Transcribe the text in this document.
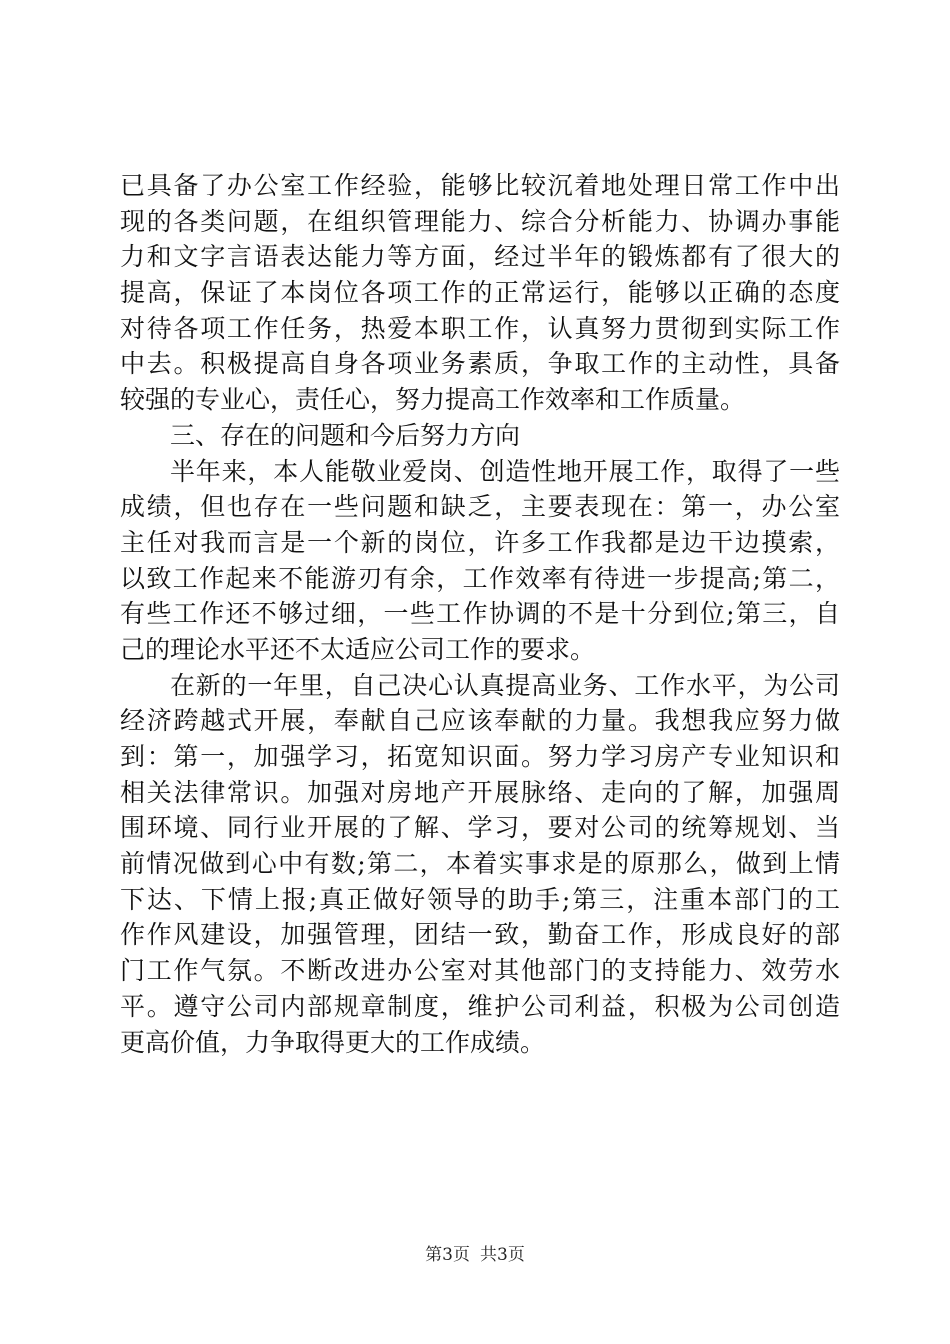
已具备了办公室工作经验，能够比较沉着地处理日常工作中出
现的各类问题，在组织管理能力、综合分析能力、协调办事能
力和文字言语表达能力等方面，经过半年的锻炼都有了很大的
提高，保证了本岗位各项工作的正常运行，能够以正确的态度
对待各项工作任务，热爱本职工作，认真努力贯彻到实际工作
中去。积极提高自身各项业务素质，争取工作的主动性，具备
较强的专业心，责任心，努力提高工作效率和工作质量。
三、存在的问题和今后努力方向
半年来，本人能敬业爱岗、创造性地开展工作，取得了一些
成绩，但也存在一些问题和缺乏，主要表现在：第一，办公室
主任对我而言是一个新的岗位，许多工作我都是边干边摸索，
以致工作起来不能游刃有余，工作效率有待进一步提高;第二，
有些工作还不够过细，一些工作协调的不是十分到位;第三，自
己的理论水平还不太适应公司工作的要求。
在新的一年里，自己决心认真提高业务、工作水平，为公司
经济跨越式开展，奉献自己应该奉献的力量。我想我应努力做
到：第一，加强学习，拓宽知识面。努力学习房产专业知识和
相关法律常识。加强对房地产开展脉络、走向的了解，加强周
围环境、同行业开展的了解、学习，要对公司的统筹规划、当
前情况做到心中有数;第二，本着实事求是的原那么，做到上情
下达、下情上报;真正做好领导的助手;第三，注重本部门的工
作作风建设，加强管理，团结一致，勤奋工作，形成良好的部
门工作气氛。不断改进办公室对其他部门的支持能力、效劳水
平。遵守公司内部规章制度，维护公司利益，积极为公司创造
更高价值，力争取得更大的工作成绩。
第3页 共3页
